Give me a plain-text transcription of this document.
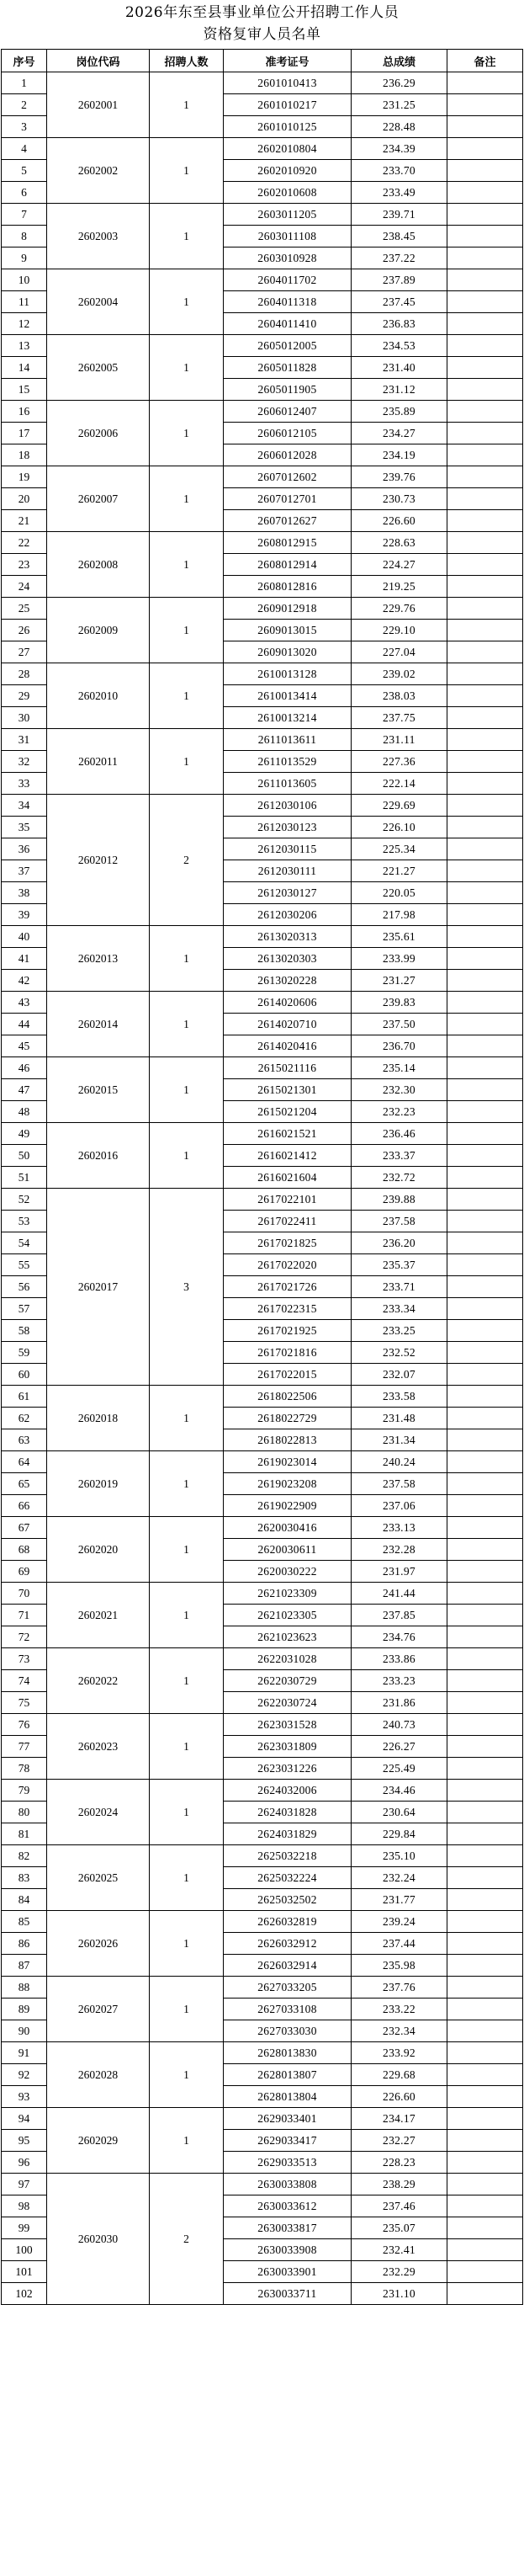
2026年东至县事业单位公开招聘工作人员
资格复审人员名单
序号	岗位代码	招聘人数	准考证号	总成绩	备注
1	2602001	1	2601010413	236.29	
2			2601010217	231.25	
3			2601010125	228.48	
4	2602002	1	2602010804	234.39	
5			2602010920	233.70	
6			2602010608	233.49	
7	2602003	1	2603011205	239.71	
8			2603011108	238.45	
9			2603010928	237.22	
10	2602004	1	2604011702	237.89	
11			2604011318	237.45	
12			2604011410	236.83	
13	2602005	1	2605012005	234.53	
14			2605011828	231.40	
15			2605011905	231.12	
16	2602006	1	2606012407	235.89	
17			2606012105	234.27	
18			2606012028	234.19	
19	2602007	1	2607012602	239.76	
20			2607012701	230.73	
21			2607012627	226.60	
22	2602008	1	2608012915	228.63	
23			2608012914	224.27	
24			2608012816	219.25	
25	2602009	1	2609012918	229.76	
26			2609013015	229.10	
27			2609013020	227.04	
28	2602010	1	2610013128	239.02	
29			2610013414	238.03	
30			2610013214	237.75	
31	2602011	1	2611013611	231.11	
32			2611013529	227.36	
33			2611013605	222.14	
34	2602012	2	2612030106	229.69	
35			2612030123	226.10	
36			2612030115	225.34	
37			2612030111	221.27	
38			2612030127	220.05	
39			2612030206	217.98	
40	2602013	1	2613020313	235.61	
41			2613020303	233.99	
42			2613020228	231.27	
43	2602014	1	2614020606	239.83	
44			2614020710	237.50	
45			2614020416	236.70	
46	2602015	1	2615021116	235.14	
47			2615021301	232.30	
48			2615021204	232.23	
49	2602016	1	2616021521	236.46	
50			2616021412	233.37	
51			2616021604	232.72	
52	2602017	3	2617022101	239.88	
53			2617022411	237.58	
54			2617021825	236.20	
55			2617022020	235.37	
56			2617021726	233.71	
57			2617022315	233.34	
58			2617021925	233.25	
59			2617021816	232.52	
60			2617022015	232.07	
61	2602018	1	2618022506	233.58	
62			2618022729	231.48	
63			2618022813	231.34	
64	2602019	1	2619023014	240.24	
65			2619023208	237.58	
66			2619022909	237.06	
67	2602020	1	2620030416	233.13	
68			2620030611	232.28	
69			2620030222	231.97	
70	2602021	1	2621023309	241.44	
71			2621023305	237.85	
72			2621023623	234.76	
73	2602022	1	2622031028	233.86	
74			2622030729	233.23	
75			2622030724	231.86	
76	2602023	1	2623031528	240.73	
77			2623031809	226.27	
78			2623031226	225.49	
79	2602024	1	2624032006	234.46	
80			2624031828	230.64	
81			2624031829	229.84	
82	2602025	1	2625032218	235.10	
83			2625032224	232.24	
84			2625032502	231.77	
85	2602026	1	2626032819	239.24	
86			2626032912	237.44	
87			2626032914	235.98	
88	2602027	1	2627033205	237.76	
89			2627033108	233.22	
90			2627033030	232.34	
91	2602028	1	2628013830	233.92	
92			2628013807	229.68	
93			2628013804	226.60	
94	2602029	1	2629033401	234.17	
95			2629033417	232.27	
96			2629033513	228.23	
97	2602030	2	2630033808	238.29	
98			2630033612	237.46	
99			2630033817	235.07	
100			2630033908	232.41	
101			2630033901	232.29	
102			2630033711	231.10	
